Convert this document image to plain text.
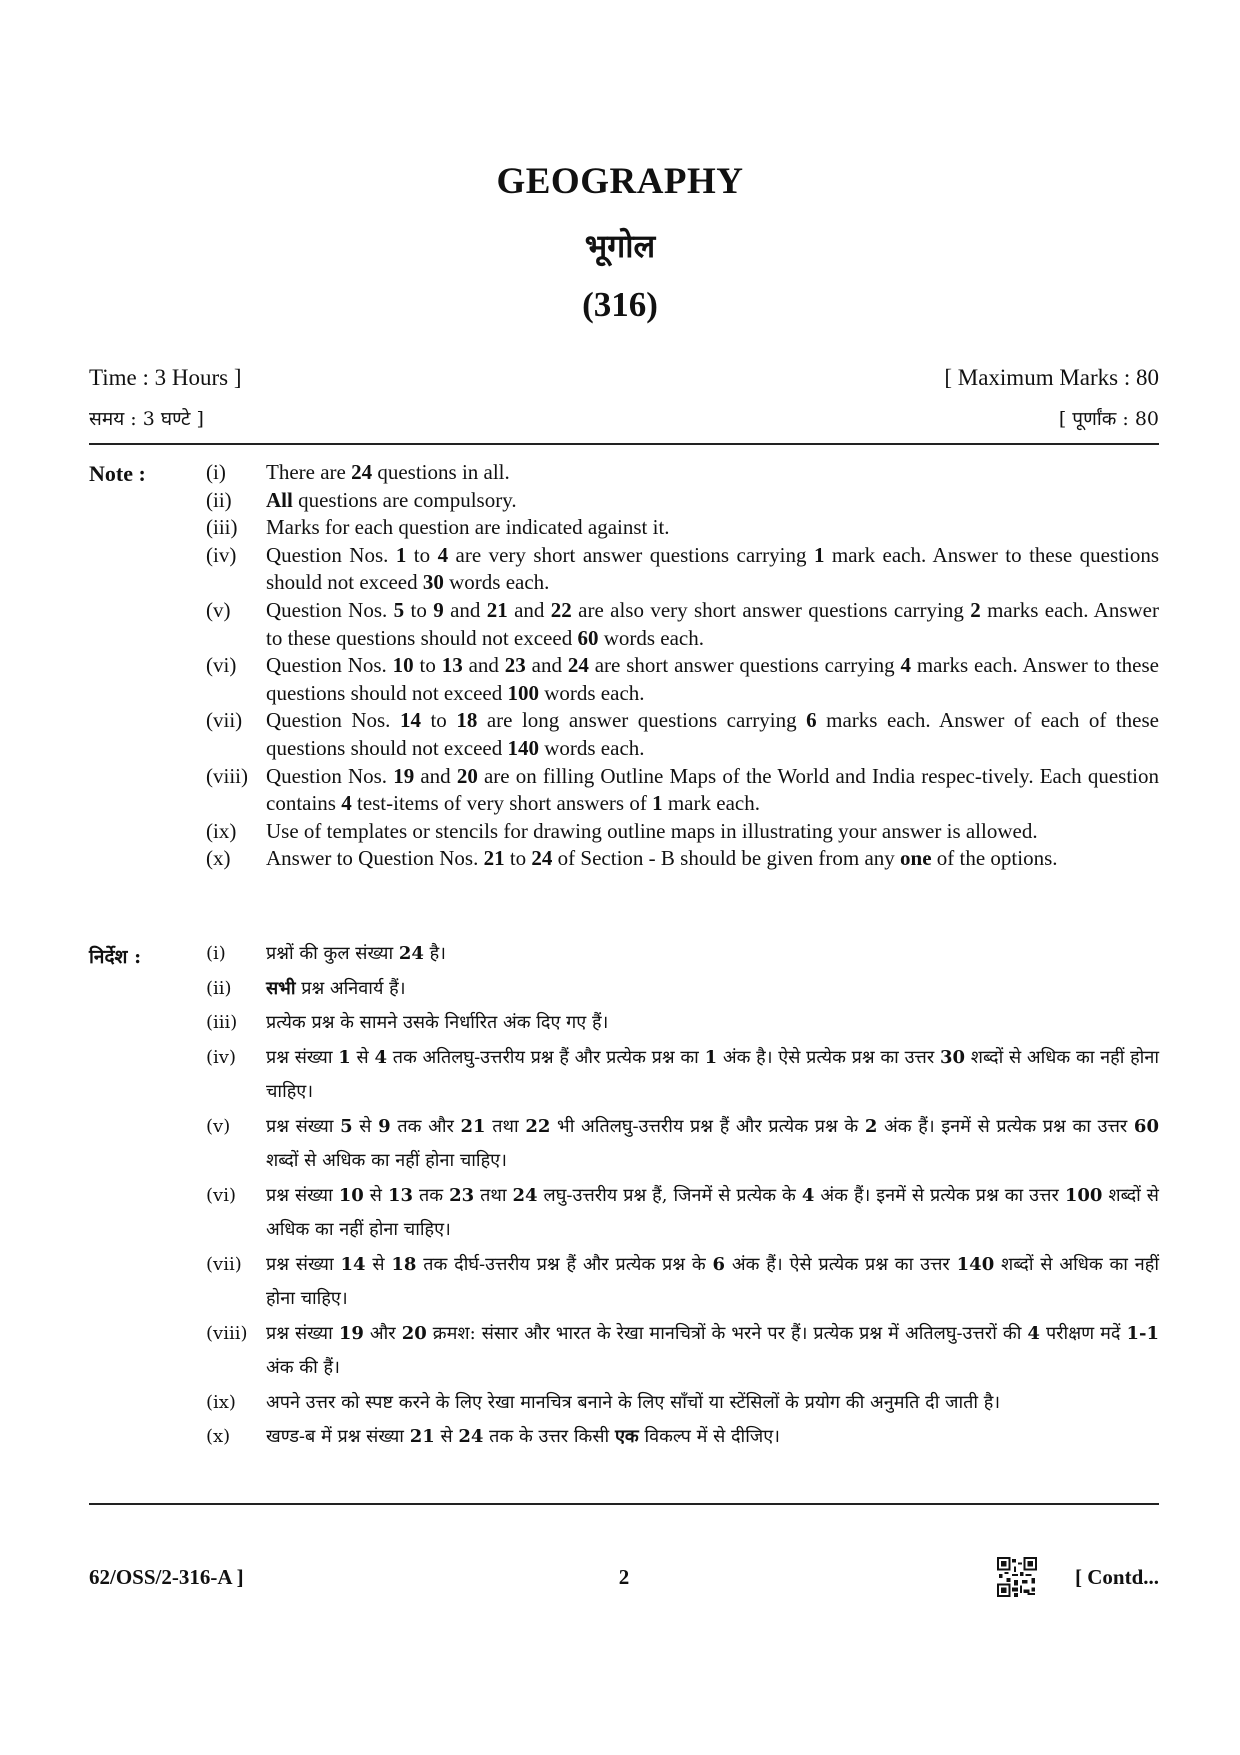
GEOGRAPHY
भूगोल
(316)
Time : 3 Hours ]	[ Maximum Marks : 80
समय : 3 घण्टे ]	[ पूर्णांक : 80
Note :	(i)	There are 24 questions in all.
(ii)	All questions are compulsory.
(iii)	Marks for each question are indicated against it.
(iv)	Question Nos. 1 to 4 are very short answer questions carrying 1 mark each. Answer to these questions should not exceed 30 words each.
(v)	Question Nos. 5 to 9 and 21 and 22 are also very short answer questions carrying 2 marks each. Answer to these questions should not exceed 60 words each.
(vi)	Question Nos. 10 to 13 and 23 and 24 are short answer questions carrying 4 marks each. Answer to these questions should not exceed 100 words each.
(vii)	Question Nos. 14 to 18 are long answer questions carrying 6 marks each. Answer of each of these questions should not exceed 140 words each.
(viii) Question Nos. 19 and 20 are on filling Outline Maps of the World and India respec-tively. Each question contains 4 test-items of very short answers of 1 mark each.
(ix)	Use of templates or stencils for drawing outline maps in illustrating your answer is allowed.
(x)	Answer to Question Nos. 21 to 24 of Section - B should be given from any one of the options.
निर्देश :	(i)	प्रश्नों की कुल संख्या 24 है।
(ii)	सभी प्रश्न अनिवार्य हैं।
(iii)	प्रत्येक प्रश्न के सामने उसके निर्धारित अंक दिए गए हैं।
(iv)	प्रश्न संख्या 1 से 4 तक अतिलघु-उत्तरीय प्रश्न हैं और प्रत्येक प्रश्न का 1 अंक है। ऐसे प्रत्येक प्रश्न का उत्तर 30 शब्दों से अधिक का नहीं होना चाहिए।
(v)	प्रश्न संख्या 5 से 9 तक और 21 तथा 22 भी अतिलघु-उत्तरीय प्रश्न हैं और प्रत्येक प्रश्न के 2 अंक हैं। इनमें से प्रत्येक प्रश्न का उत्तर 60 शब्दों से अधिक का नहीं होना चाहिए।
(vi)	प्रश्न संख्या 10 से 13 तक 23 तथा 24 लघु-उत्तरीय प्रश्न हैं, जिनमें से प्रत्येक के 4 अंक हैं। इनमें से प्रत्येक प्रश्न का उत्तर 100 शब्दों से अधिक का नहीं होना चाहिए।
(vii)	प्रश्न संख्या 14 से 18 तक दीर्घ-उत्तरीय प्रश्न हैं और प्रत्येक प्रश्न के 6 अंक हैं। ऐसे प्रत्येक प्रश्न का उत्तर 140 शब्दों से अधिक का नहीं होना चाहिए।
(viii)	प्रश्न संख्या 19 और 20 क्रमश: संसार और भारत के रेखा मानचित्रों के भरने पर हैं। प्रत्येक प्रश्न में अतिलघु-उत्तरों की 4 परीक्षण मदें 1-1 अंक की हैं।
(ix)	अपने उत्तर को स्पष्ट करने के लिए रेखा मानचित्र बनाने के लिए साँचों या स्टेंसिलों के प्रयोग की अनुमति दी जाती है।
(x)	खण्ड-ब में प्रश्न संख्या 21 से 24 तक के उत्तर किसी एक विकल्प में से दीजिए।
62/OSS/2-316-A ]	2	[ Contd...
